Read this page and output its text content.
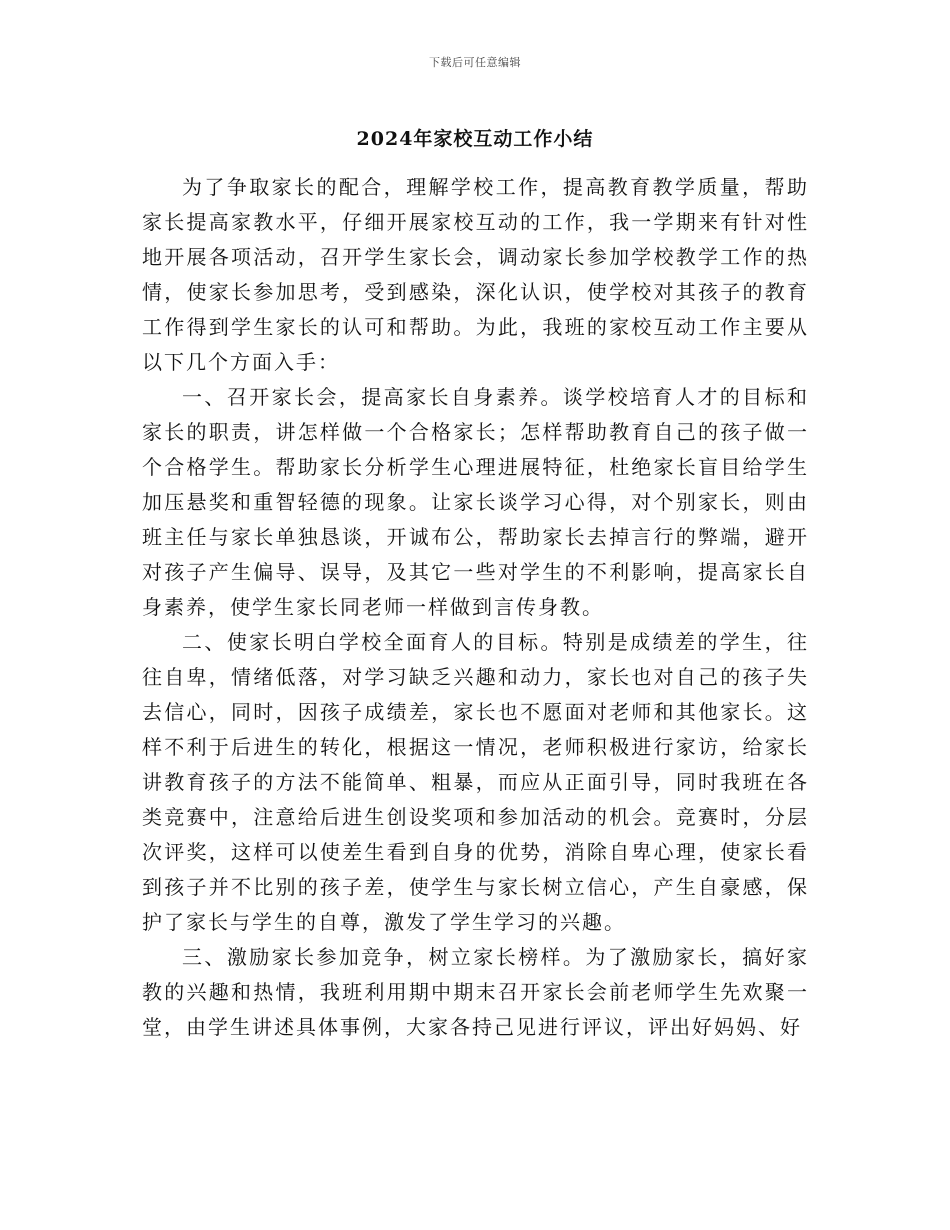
下载后可任意编辑
2024年家校互动工作小结

为了争取家长的配合，理解学校工作，提高教育教学质量，帮助家长提高家教水平，仔细开展家校互动的工作，我一学期来有针对性地开展各项活动，召开学生家长会，调动家长参加学校教学工作的热情，使家长参加思考，受到感染，深化认识，使学校对其孩子的教育工作得到学生家长的认可和帮助。为此，我班的家校互动工作主要从以下几个方面入手：

一、召开家长会，提高家长自身素养。谈学校培育人才的目标和家长的职责，讲怎样做一个合格家长；怎样帮助教育自己的孩子做一个合格学生。帮助家长分析学生心理进展特征，杜绝家长盲目给学生加压悬奖和重智轻德的现象。让家长谈学习心得，对个别家长，则由班主任与家长单独恳谈，开诚布公，帮助家长去掉言行的弊端，避开对孩子产生偏导、误导，及其它一些对学生的不利影响，提高家长自身素养，使学生家长同老师一样做到言传身教。

二、使家长明白学校全面育人的目标。特别是成绩差的学生，往往自卑，情绪低落，对学习缺乏兴趣和动力，家长也对自己的孩子失去信心，同时，因孩子成绩差，家长也不愿面对老师和其他家长。这样不利于后进生的转化，根据这一情况，老师积极进行家访，给家长讲教育孩子的方法不能简单、粗暴，而应从正面引导，同时我班在各类竞赛中，注意给后进生创设奖项和参加活动的机会。竞赛时，分层次评奖，这样可以使差生看到自身的优势，消除自卑心理，使家长看到孩子并不比别的孩子差，使学生与家长树立信心，产生自豪感，保护了家长与学生的自尊，激发了学生学习的兴趣。

三、激励家长参加竞争，树立家长榜样。为了激励家长，搞好家教的兴趣和热情，我班利用期中期末召开家长会前老师学生先欢聚一堂，由学生讲述具体事例，大家各持己见进行评议，评出好妈妈、好
